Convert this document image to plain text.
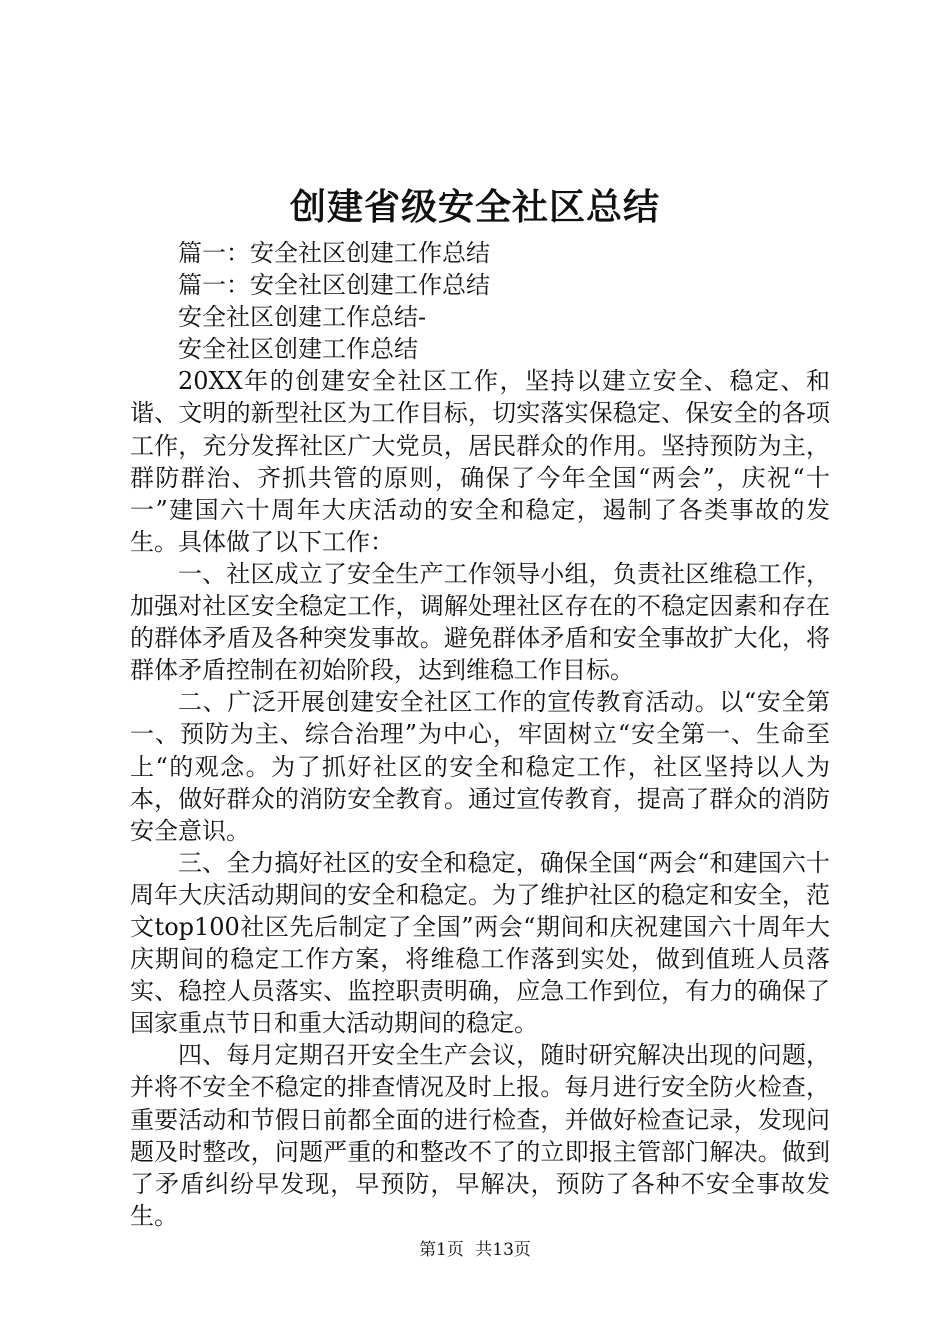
创建省级安全社区总结

篇一：安全社区创建工作总结

篇一：安全社区创建工作总结

安全社区创建工作总结-

安全社区创建工作总结

20XX年的创建安全社区工作，坚持以建立安全、稳定、和谐、文明的新型社区为工作目标，切实落实保稳定、保安全的各项工作，充分发挥社区广大党员，居民群众的作用。坚持预防为主，群防群治、齐抓共管的原则，确保了今年全国“两会”，庆祝“十一”建国六十周年大庆活动的安全和稳定，遏制了各类事故的发生。具体做了以下工作：

一、社区成立了安全生产工作领导小组，负责社区维稳工作，加强对社区安全稳定工作，调解处理社区存在的不稳定因素和存在的群体矛盾及各种突发事故。避免群体矛盾和安全事故扩大化，将群体矛盾控制在初始阶段，达到维稳工作目标。

二、广泛开展创建安全社区工作的宣传教育活动。以“安全第一、预防为主、综合治理”为中心，牢固树立“安全第一、生命至上“的观念。为了抓好社区的安全和稳定工作，社区坚持以人为本，做好群众的消防安全教育。通过宣传教育，提高了群众的消防安全意识。

三、全力搞好社区的安全和稳定，确保全国“两会“和建国六十周年大庆活动期间的安全和稳定。为了维护社区的稳定和安全，范文top100社区先后制定了全国”两会“期间和庆祝建国六十周年大庆期间的稳定工作方案，将维稳工作落到实处，做到值班人员落实、稳控人员落实、监控职责明确，应急工作到位，有力的确保了国家重点节日和重大活动期间的稳定。

四、每月定期召开安全生产会议，随时研究解决出现的问题，并将不安全不稳定的排查情况及时上报。每月进行安全防火检查，重要活动和节假日前都全面的进行检查，并做好检查记录，发现问题及时整改，问题严重的和整改不了的立即报主管部门解决。做到了矛盾纠纷早发现，早预防，早解决，预防了各种不安全事故发生。

第1页 共13页
